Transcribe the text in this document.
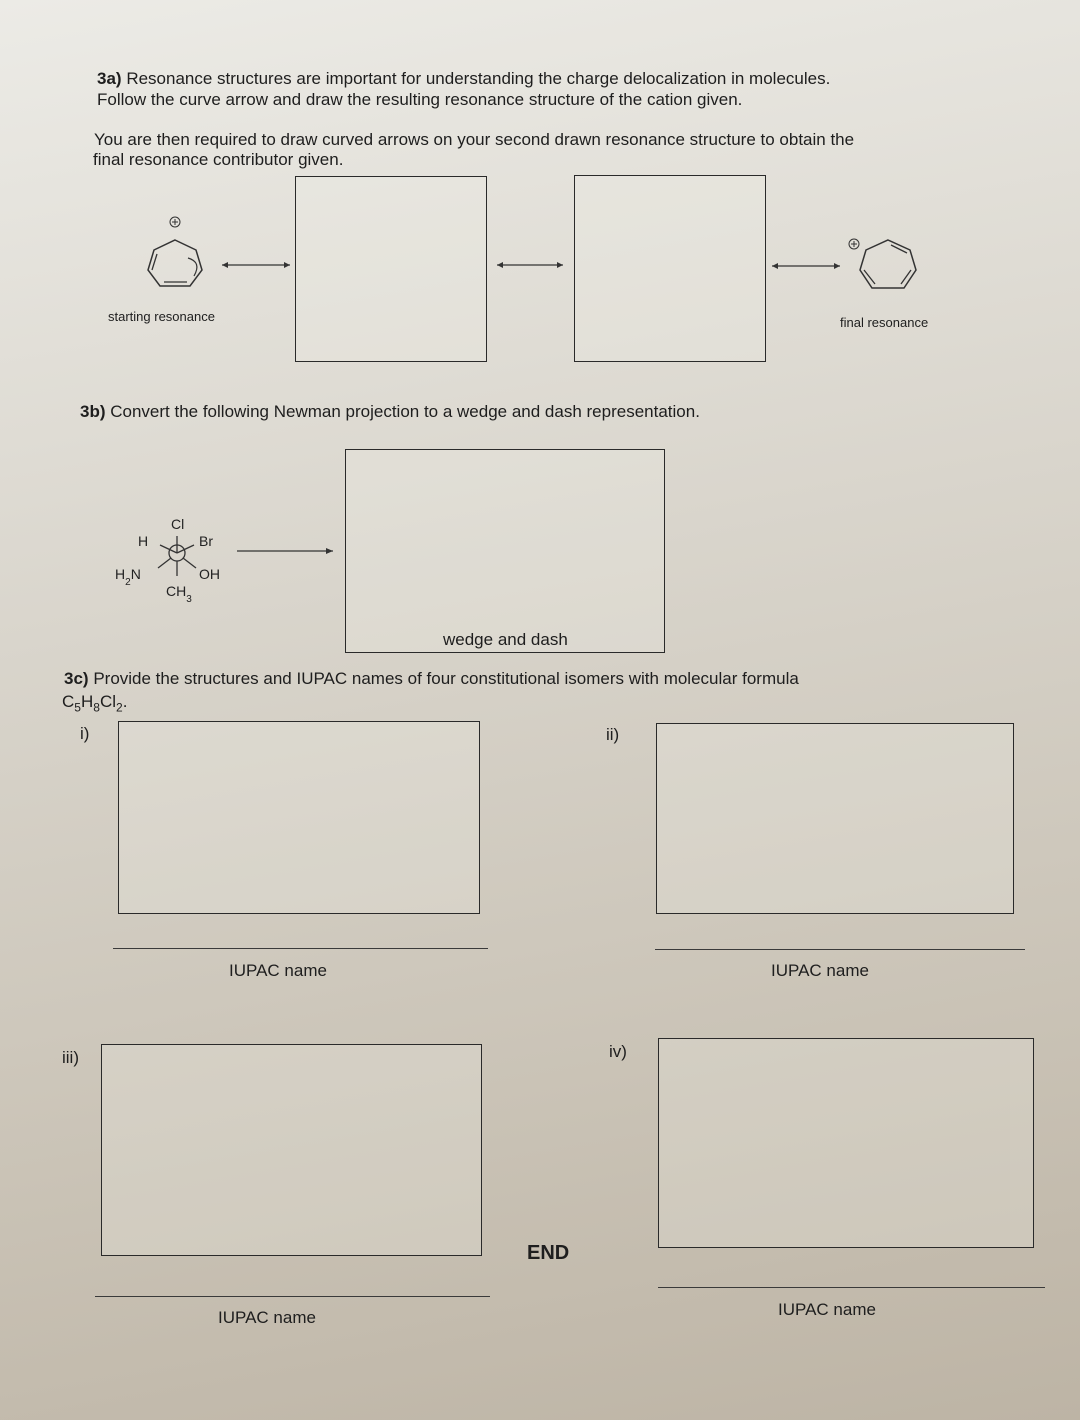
3a) Resonance structures are important for understanding the charge delocalization in molecules.

Follow the curve arrow and draw the resulting resonance structure of the cation given.

You are then required to draw curved arrows on your second drawn resonance structure to obtain the

final resonance contributor given.

starting resonance	final resonance

3b) Convert the following Newman projection to a wedge and dash representation.

Cl
H	Br
$H_2N$	OH
$CH_3$

wedge and dash

3c) Provide the structures and IUPAC names of four constitutional isomers with molecular formula

$C_5H_8Cl_2$.

i)

IUPAC name

ii)

IUPAC name

iii)

IUPAC name

iv)

IUPAC name

END
